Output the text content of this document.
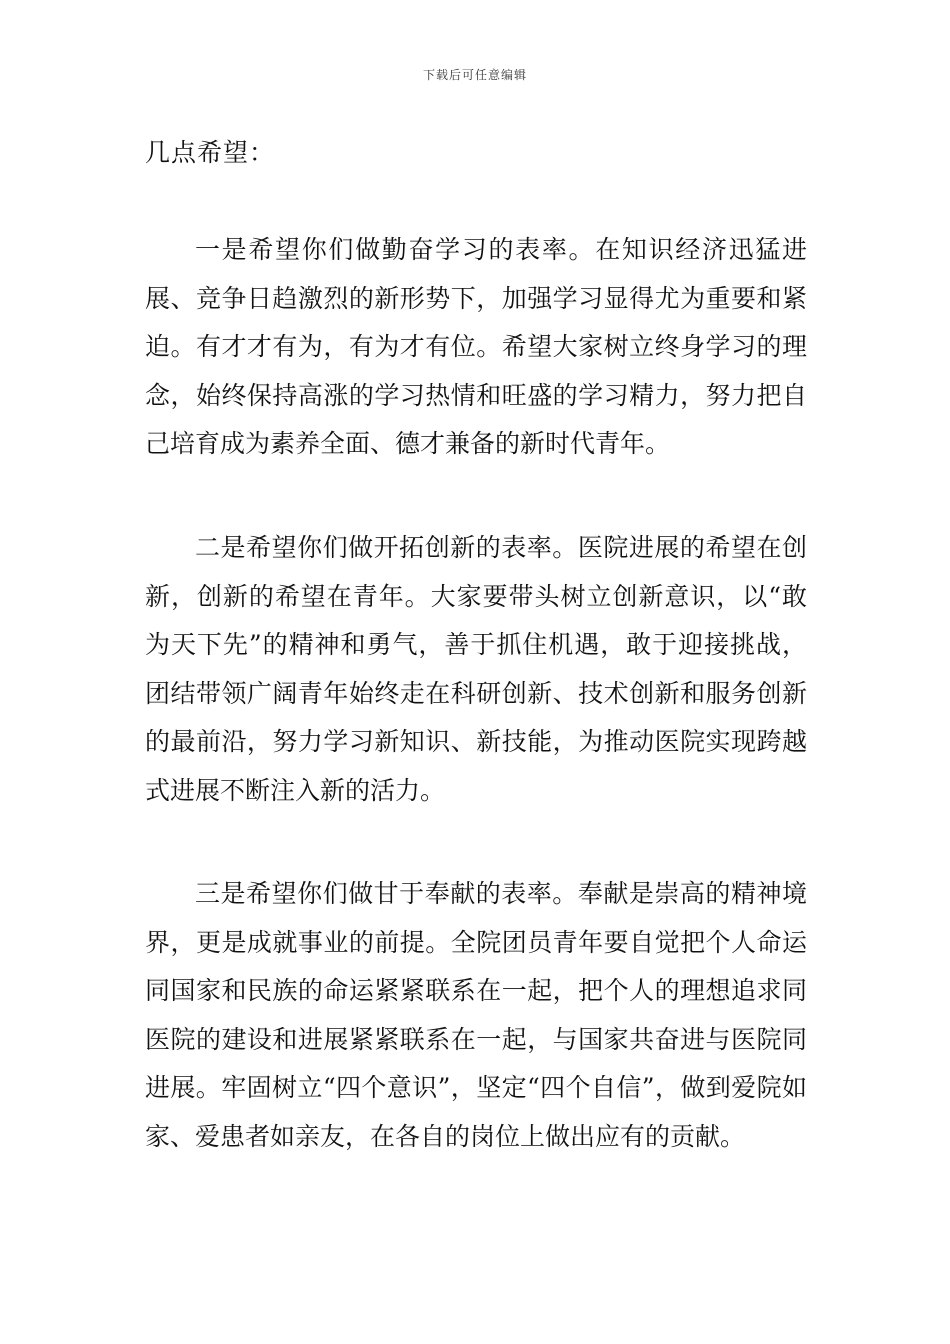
下载后可任意编辑
几点希望：

一是希望你们做勤奋学习的表率。在知识经济迅猛进展、竞争日趋激烈的新形势下，加强学习显得尤为重要和紧迫。有才才有为，有为才有位。希望大家树立终身学习的理念，始终保持高涨的学习热情和旺盛的学习精力，努力把自己培育成为素养全面、德才兼备的新时代青年。

二是希望你们做开拓创新的表率。医院进展的希望在创新，创新的希望在青年。大家要带头树立创新意识，以“敢为天下先”的精神和勇气，善于抓住机遇，敢于迎接挑战，团结带领广阔青年始终走在科研创新、技术创新和服务创新的最前沿，努力学习新知识、新技能，为推动医院实现跨越式进展不断注入新的活力。

三是希望你们做甘于奉献的表率。奉献是崇高的精神境界，更是成就事业的前提。全院团员青年要自觉把个人命运同国家和民族的命运紧紧联系在一起，把个人的理想追求同医院的建设和进展紧紧联系在一起，与国家共奋进与医院同进展。牢固树立“四个意识”，坚定“四个自信”，做到爱院如家、爱患者如亲友，在各自的岗位上做出应有的贡献。
